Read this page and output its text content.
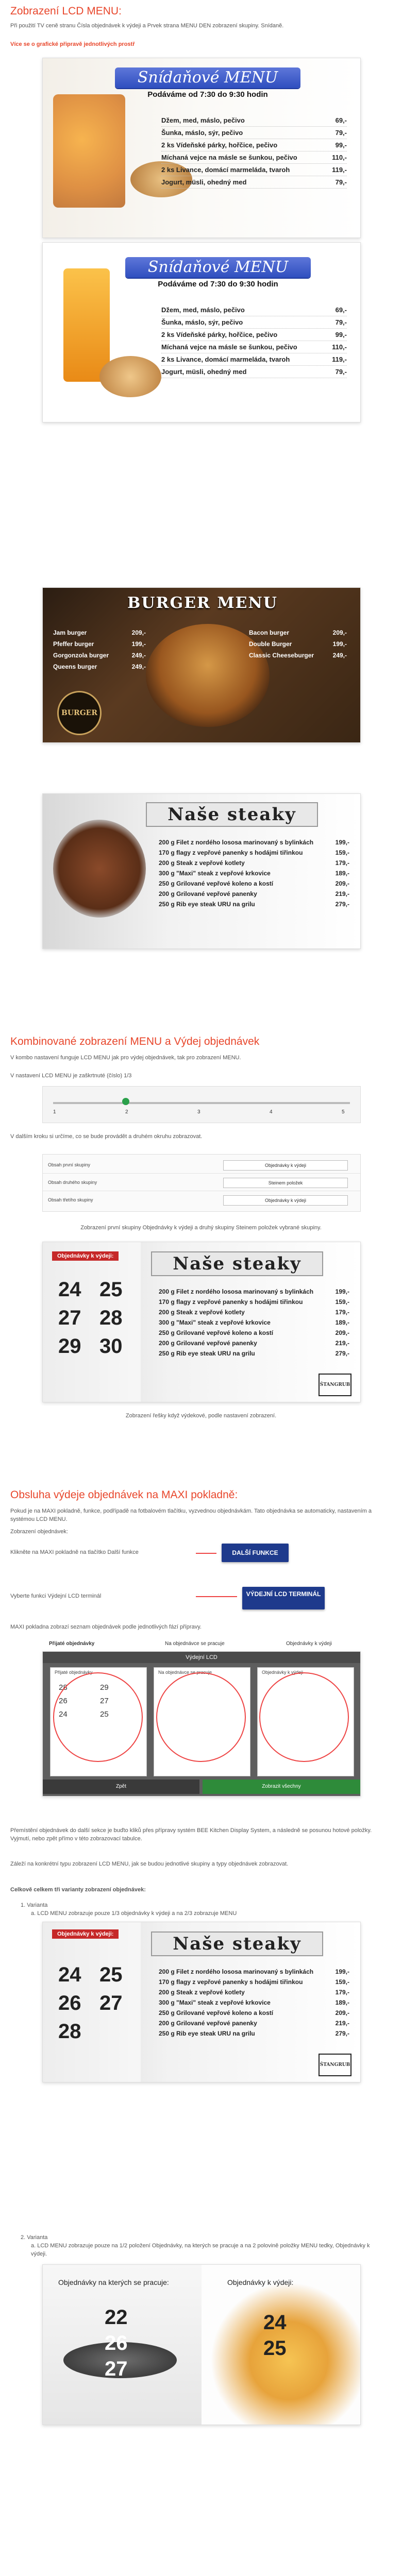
Zobrazení LCD MENU:

Při použití TV ceně stranu Čísla objednávek k výdeji a Prvek strana MENU DEN zobrazení skupiny. Snídaně.

Více se o grafické připravě jednotlivých prostř

Snídaňové MENU
Podáváme od 7:30 do 9:30 hodin
Džem, med, máslo, pečivo	69,-
Šunka, máslo, sýr, pečivo	79,-
2 ks Vídeňské párky, hořčice, pečivo	99,-
Míchaná vejce na másle se šunkou, pečivo	110,-
2 ks Livance, domácí marmeláda, tvaroh	119,-
Jogurt, müsli, ohedný med	79,-
Snídaňové MENU
Podáváme od 7:30 do 9:30 hodin
Džem, med, máslo, pečivo	69,-
Šunka, máslo, sýr, pečivo	79,-
2 ks Vídeňské párky, hořčice, pečivo	99,-
Míchaná vejce na másle se šunkou, pečivo	110,-
2 ks Livance, domácí marmeláda, tvaroh	119,-
Jogurt, müsli, ohedný med	79,-
BURGER MENU
Jam burger	209,-
Pfeffer burger	199,-
Gorgonzola burger	249,-
Queens burger	249,-
Bacon burger	209,-
Double Burger	199,-
Classic Cheeseburger	249,-
BURGER
Naše steaky
200 g Filet z nordého lososa marinovaný s bylinkách	199,-
170 g flagy z vepřové panenky s hodájmi tiřinkou	159,-
200 g Steak z vepřové kotlety	179,-
300 g "Maxi" steak z vepřové krkovice	189,-
250 g Grilované vepřové koleno a kostí	209,-
200 g Grilované vepřové panenky	219,-
250 g Rib eye steak URU na grilu	279,-
Kombinované zobrazení MENU a Výdej objednávek

V kombo nastavení funguje LCD MENU jak pro výdej objednávek, tak pro zobrazení MENU.

V nastavení LCD MENU je zaškrtnuté (číslo) 1/3

1	2	3	4	5

V dalším kroku si určíme, co se bude provádět a druhém okruhu zobrazovat.

Obsah první skupiny	Objednávky k výdeji
Obsah druhého skupiny	Steinem položek
Obsah třetího skupiny	Objednávky k výdeji

Zobrazení první skupiny Objednávky k výdeji a druhý skupiny Steinem položek vybrané skupiny.

Objednávky k výdeji:
24 25
27 28
29 30
Naše steaky
200 g Filet z nordého lososa marinovaný s bylinkách	199,-
170 g flagy z vepřové panenky s hodájmi tiřinkou	159,-
200 g Steak z vepřové kotlety	179,-
300 g "Maxi" steak z vepřové krkovice	189,-
250 g Grilované vepřové koleno a kostí	209,-
200 g Grilované vepřové panenky	219,-
250 g Rib eye steak URU na grilu	279,-
ŠTANGRUB

Zobrazení řešky když výdekové, podle nastavení zobrazení.

Obsluha výdeje objednávek na MAXI pokladně:

Pokud je na MAXI pokladně, funkce, podřípadě na fotbalovém tlačítku, vyzvednou objednávkám. Tato objednávka se automaticky, nastavením a systémou LCD MENU.

Zobrazení objednávek:

Klikněte na MAXI pokladně na tlačítko Další funkce	DALŠÍ FUNKCE

Vyberte funkci Výdejní LCD terminál	VÝDEJNÍ LCD TERMINÁL

MAXI pokladna zobrazí seznam objednávek podle jednotlivých fází přípravy.

Přijaté objednávky	Na objednávce se pracuje	Objednávky k výdeji
Výdejní LCD
Přijaté objednávky
28	29
26	27
24	25
Na objednávce se pracuje	Objednávky k výdeji
Zpět	Zobrazit všechny

Přemístění objednávek do další sekce je buďto kliků přes přípravy systém BEE Kitchen Display System, a následně se posunou hotové položky. Vyjmutí, nebo zpět přímo v této zobrazovací tabulce.

Záleží na konkrétní typu zobrazení LCD MENU, jak se budou jednotlivé skupiny a typy objednávek zobrazovat.

Celkově celkem tři varianty zobrazení objednávek:

1. Varianta

a. LCD MENU zobrazuje pouze 1/3 objednávky k výdeji a na 2/3 zobrazuje MENU

Objednávky k výdeji:
24 25
26 27
28
Naše steaky
200 g Filet z nordého lososa marinovaný s bylinkách	199,-
170 g flagy z vepřové panenky s hodájmi tiřinkou	159,-
200 g Steak z vepřové kotlety	179,-
300 g "Maxi" steak z vepřové krkovice	189,-
250 g Grilované vepřové koleno a kostí	209,-
200 g Grilované vepřové panenky	219,-
250 g Rib eye steak URU na grilu	279,-
ŠTANGRUB

2. Varianta

a. LCD MENU zobrazuje pouze na 1/2 položení Objednávky, na kterých se pracuje a na 2 polovině položky MENU tedky, Objednávky k výdeji.

Objednávky na kterých se pracuje:
22
26
27
Objednávky k výdeji:
24
25
